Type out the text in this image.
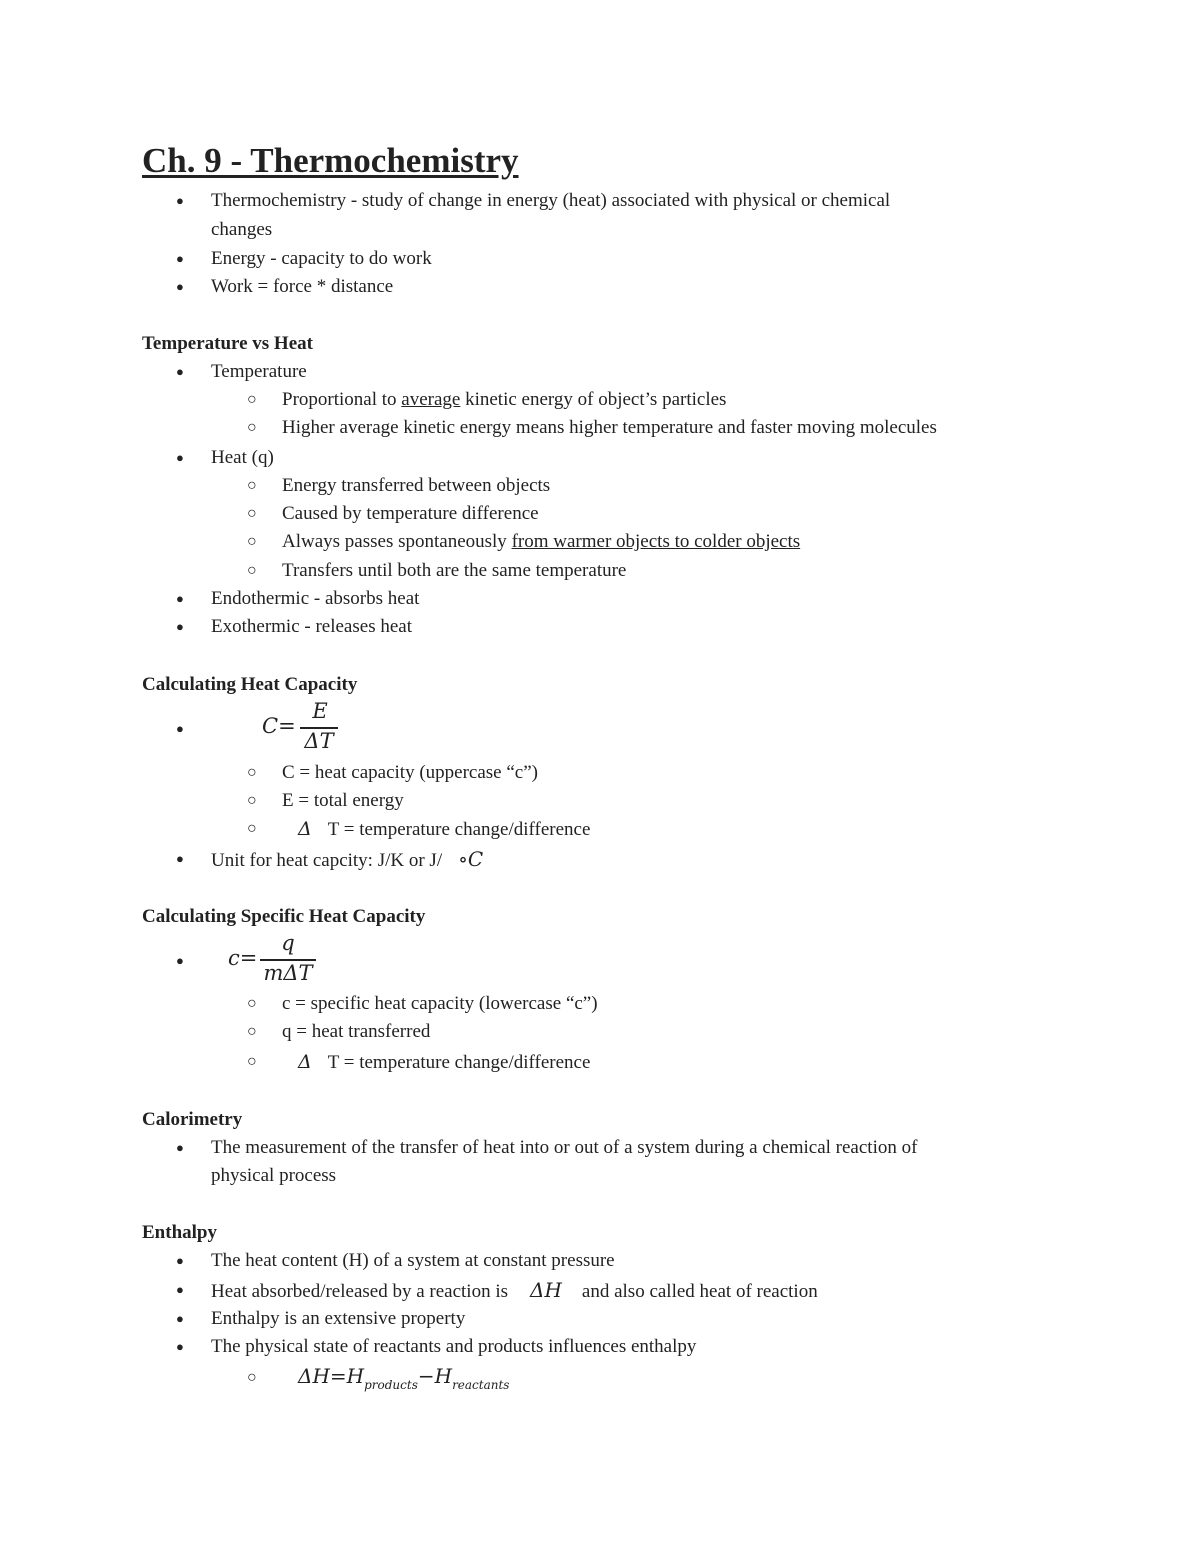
Ch. 9 - Thermochemistry
● Thermochemistry - study of change in energy (heat) associated with physical or chemical
changes
● Energy - capacity to do work
● Work = force * distance
Temperature vs Heat
● Temperature
○ Proportional to average kinetic energy of object’s particles
○ Higher average kinetic energy means higher temperature and faster moving molecules
● Heat (q)
○ Energy transferred between objects
○ Caused by temperature difference
○ Always passes spontaneously from warmer objects to colder objects
○ Transfers until both are the same temperature
● Endothermic - absorbs heat
● Exothermic - releases heat
Calculating Heat Capacity
●	C=
E
ΔT
○ C = heat capacity (uppercase “c”)
○ E = total energy
○ Δ T = temperature change/difference
● Unit for heat capcity: J/K or J/ ∘C
Calculating Specific Heat Capacity
● c=
q
mΔT
○ c = specific heat capacity (lowercase “c”)
○ q = heat transferred
○ Δ T = temperature change/difference
Calorimetry
● The measurement of the transfer of heat into or out of a system during a chemical reaction of
physical process
Enthalpy
● The heat content (H) of a system at constant pressure
● Heat absorbed/released by a reaction is ΔH and also called heat of reaction
● Enthalpy is an extensive property
● The physical state of reactants and products influences enthalpy
○ $\Delta H=H_{products}-H_{reactants}$
